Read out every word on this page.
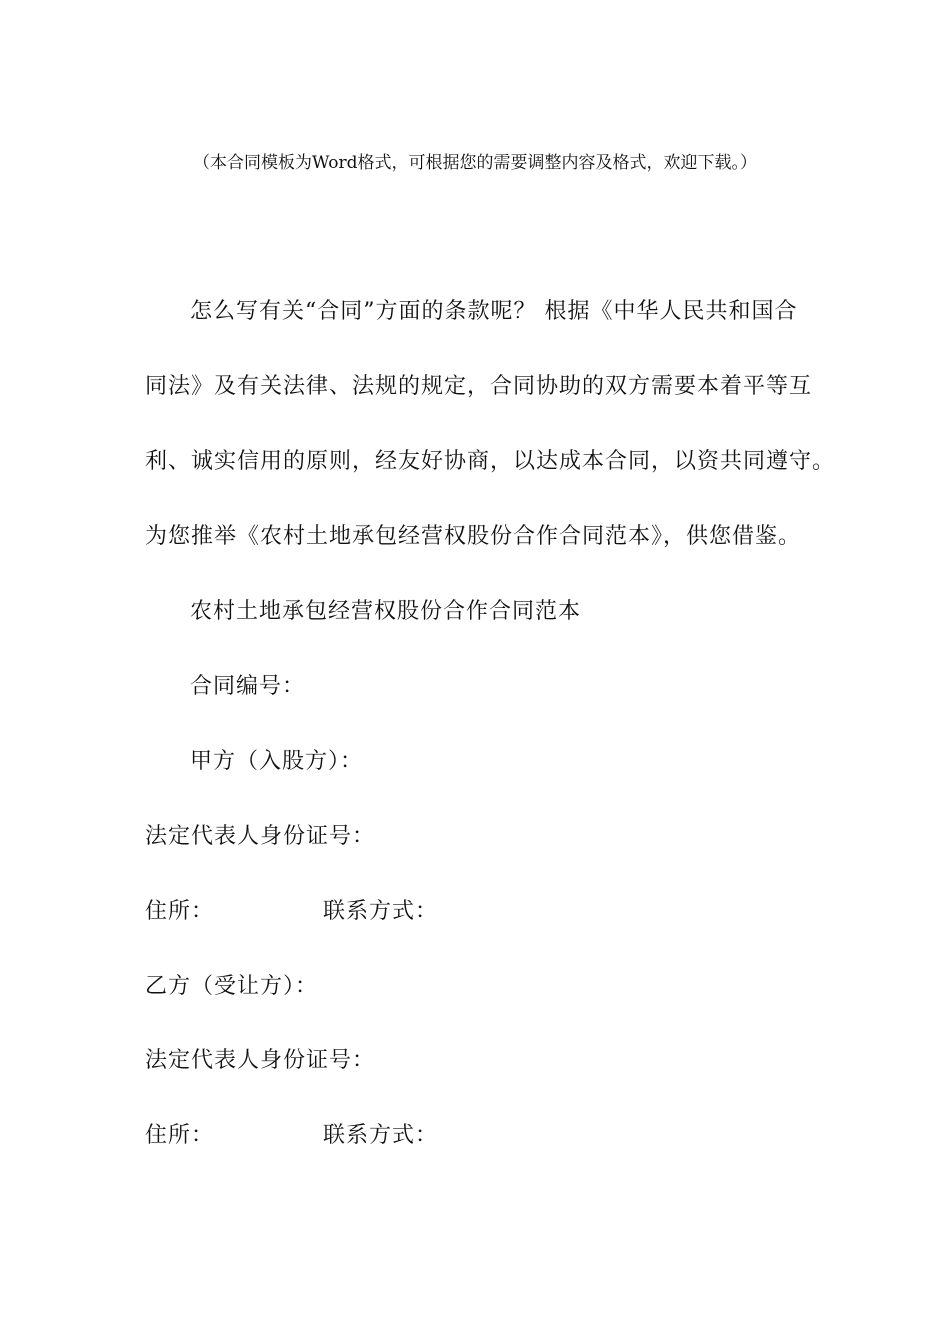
（本合同模板为Word格式，可根据您的需要调整内容及格式，欢迎下载。）
怎么写有关“合同”方面的条款呢？ 根据《中华人民共和国合
同法》及有关法律、法规的规定，合同协助的双方需要本着平等互
利、诚实信用的原则，经友好协商，以达成本合同，以资共同遵守。
为您推举《农村土地承包经营权股份合作合同范本》，供您借鉴。
农村土地承包经营权股份合作合同范本
合同编号：
甲方（入股方）：
法定代表人身份证号：
住所：	联系方式：
乙方（受让方）：
法定代表人身份证号：
住所：	联系方式：
